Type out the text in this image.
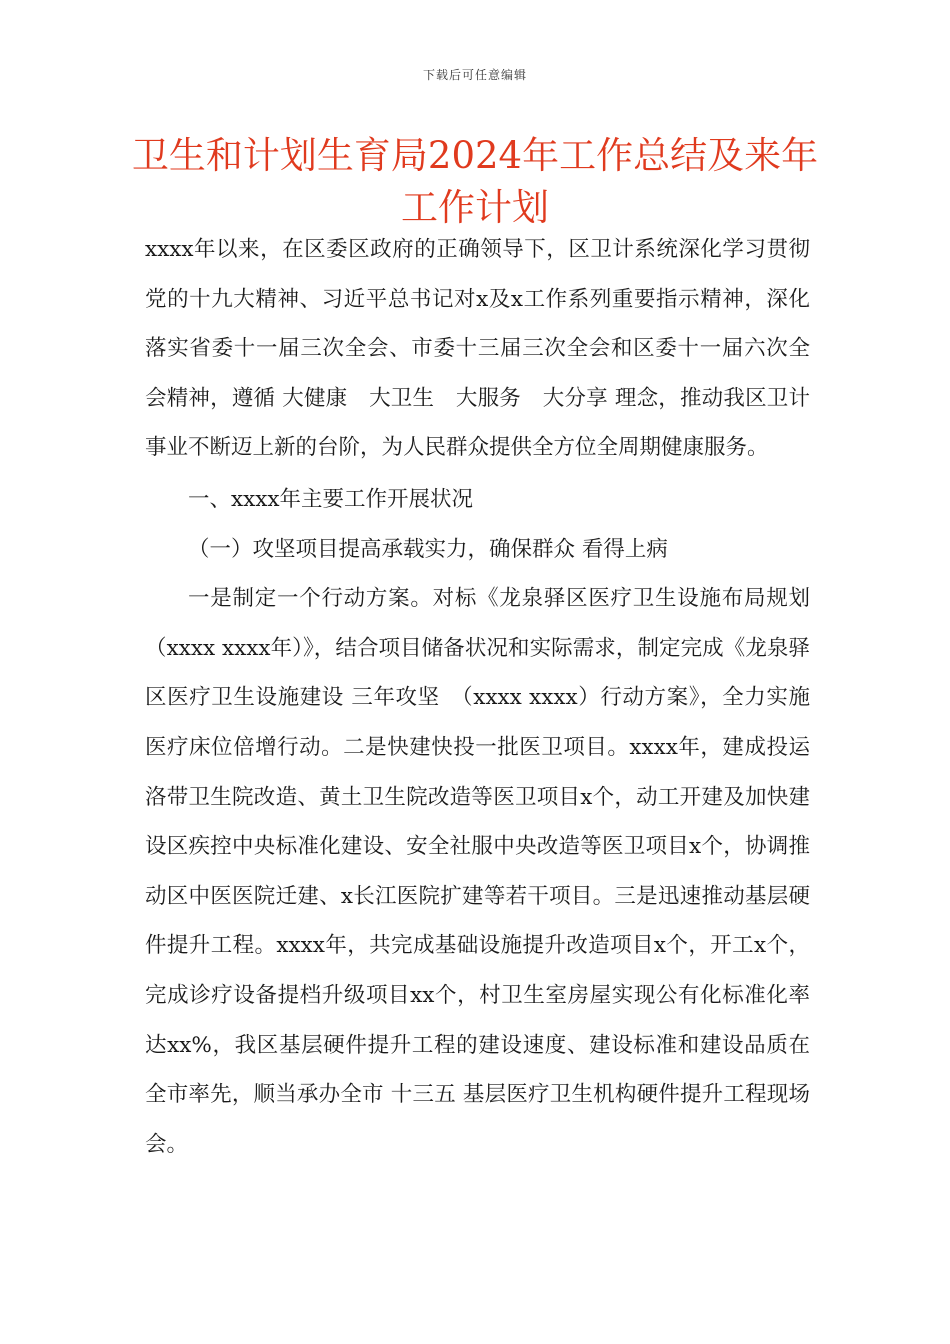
下载后可任意编辑
卫生和计划生育局2024年工作总结及来年工作计划

xxxx年以来，在区委区政府的正确领导下，区卫计系统深化学习贯彻党的十九大精神、习近平总书记对x及x工作系列重要指示精神，深化落实省委十一届三次全会、市委十三届三次全会和区委十一届六次全会精神，遵循 大健康　大卫生　大服务　大分享 理念，推动我区卫计事业不断迈上新的台阶，为人民群众提供全方位全周期健康服务。

一、xxxx年主要工作开展状况

（一）攻坚项目提高承载实力，确保群众 看得上病

一是制定一个行动方案。对标《龙泉驿区医疗卫生设施布局规划（xxxx xxxx年）》，结合项目储备状况和实际需求，制定完成《龙泉驿区医疗卫生设施建设 三年攻坚　（xxxx xxxx）行动方案》，全力实施医疗床位倍增行动。二是快建快投一批医卫项目。xxxx年，建成投运洛带卫生院改造、黄土卫生院改造等医卫项目x个，动工开建及加快建设区疾控中央标准化建设、安全社服中央改造等医卫项目x个，协调推动区中医医院迁建、x长江医院扩建等若干项目。三是迅速推动基层硬件提升工程。xxxx年，共完成基础设施提升改造项目x个，开工x个，完成诊疗设备提档升级项目xx个，村卫生室房屋实现公有化标准化率达xx%，我区基层硬件提升工程的建设速度、建设标准和建设品质在全市率先，顺当承办全市 十三五 基层医疗卫生机构硬件提升工程现场会。
